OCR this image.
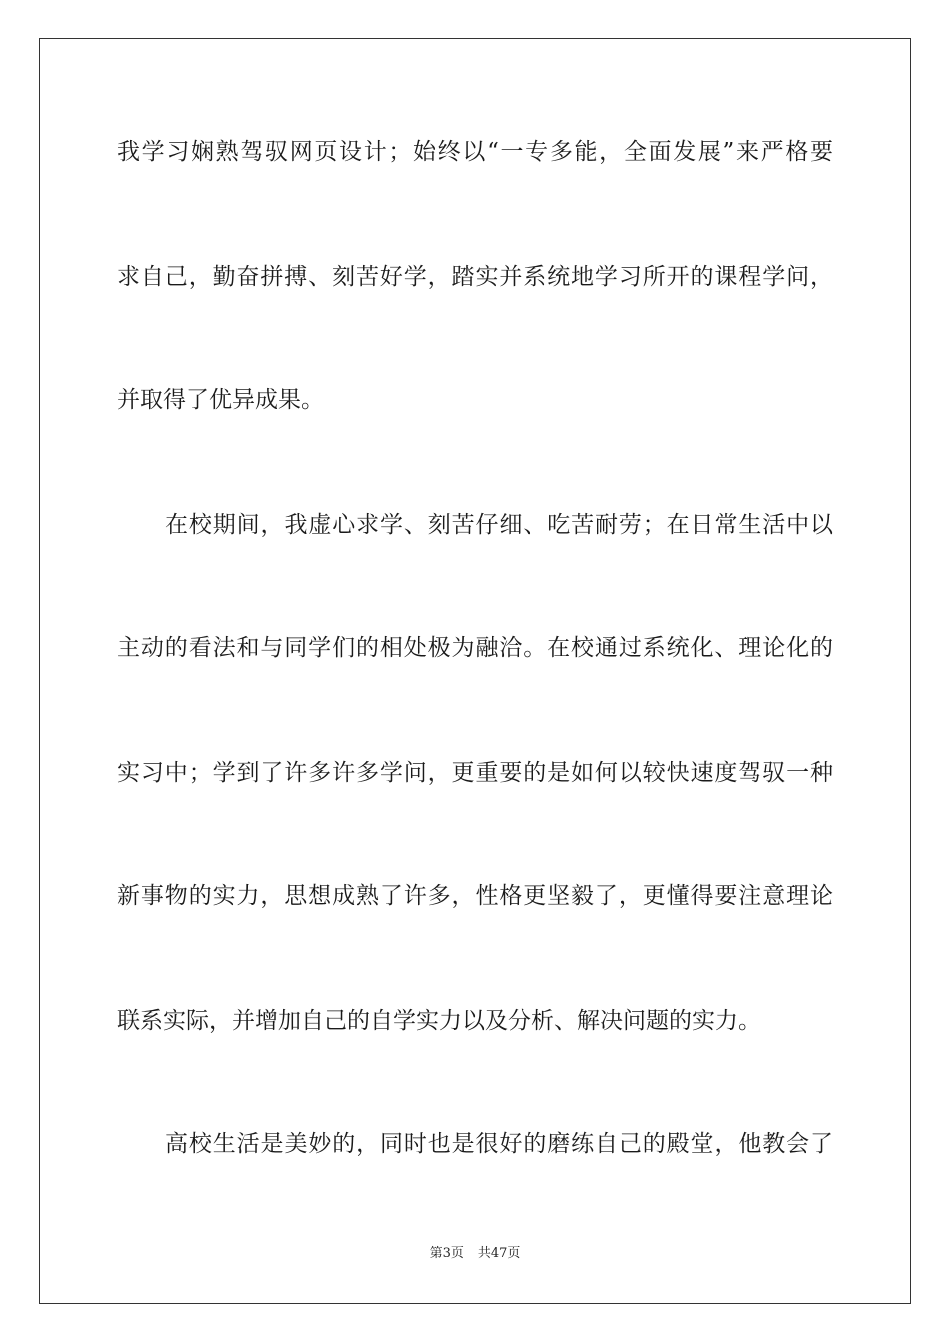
我学习娴熟驾驭网页设计；始终以“一专多能，全面发展”来严格要
求自己，勤奋拼搏、刻苦好学，踏实并系统地学习所开的课程学问，
并取得了优异成果。
在校期间，我虚心求学、刻苦仔细、吃苦耐劳；在日常生活中以
主动的看法和与同学们的相处极为融洽。在校通过系统化、理论化的
实习中；学到了许多许多学问，更重要的是如何以较快速度驾驭一种
新事物的实力，思想成熟了许多，性格更坚毅了，更懂得要注意理论
联系实际，并增加自己的自学实力以及分析、解决问题的实力。
高校生活是美妙的，同时也是很好的磨练自己的殿堂，他教会了
第3页 共47页
